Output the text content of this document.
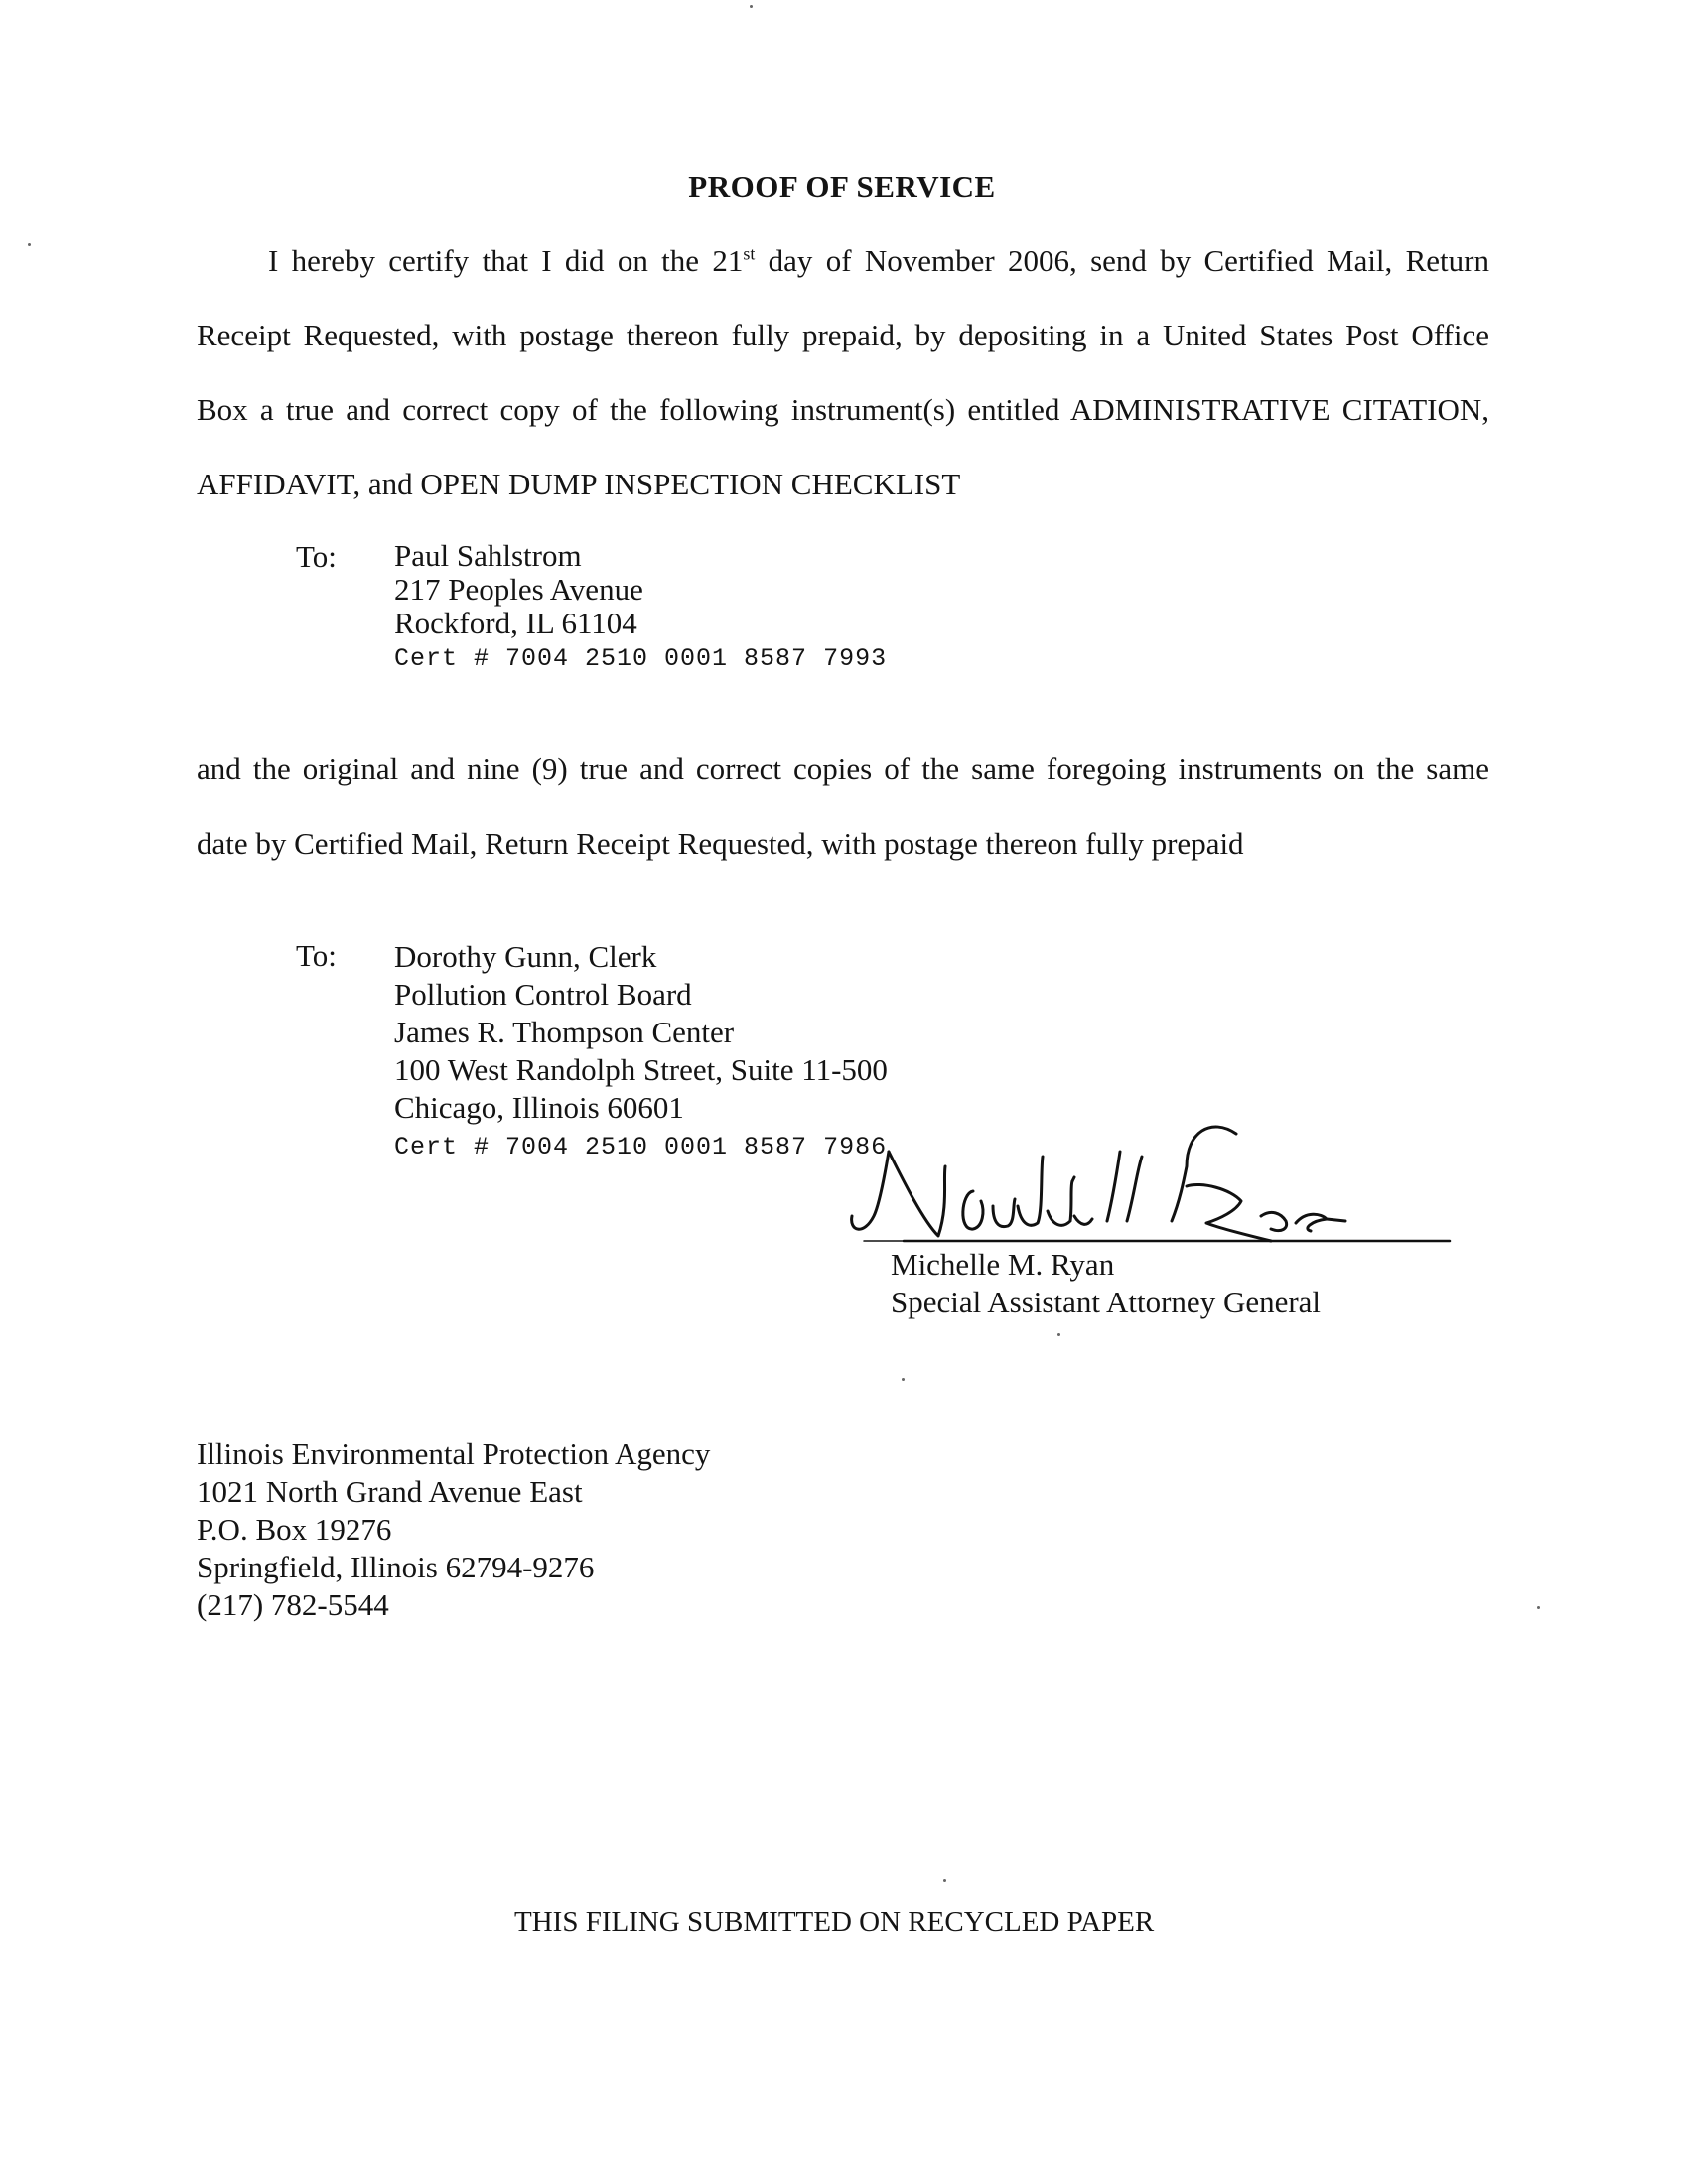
PROOF OF SERVICE
I hereby certify that I did on the 21st day of November 2006, send by Certified Mail, Return
Receipt Requested, with postage thereon fully prepaid, by depositing in a United States Post Office
Box a true and correct copy of the following instrument(s) entitled ADMINISTRATIVE CITATION,
AFFIDAVIT, and OPEN DUMP INSPECTION CHECKLIST
To: Paul Sahlstrom
217 Peoples Avenue
Rockford, IL 61104
Cert # 7004 2510 0001 8587 7993
and the original and nine (9) true and correct copies of the same foregoing instruments on the same
date by Certified Mail, Return Receipt Requested, with postage thereon fully prepaid
To: Dorothy Gunn, Clerk
Pollution Control Board
James R. Thompson Center
100 West Randolph Street, Suite 11-500
Chicago, Illinois 60601
Cert # 7004 2510 0001 8587 7986
Michelle M. Ryan
Special Assistant Attorney General
Illinois Environmental Protection Agency
1021 North Grand Avenue East
P.O. Box 19276
Springfield, Illinois 62794-9276
(217) 782-5544
THIS FILING SUBMITTED ON RECYCLED PAPER
